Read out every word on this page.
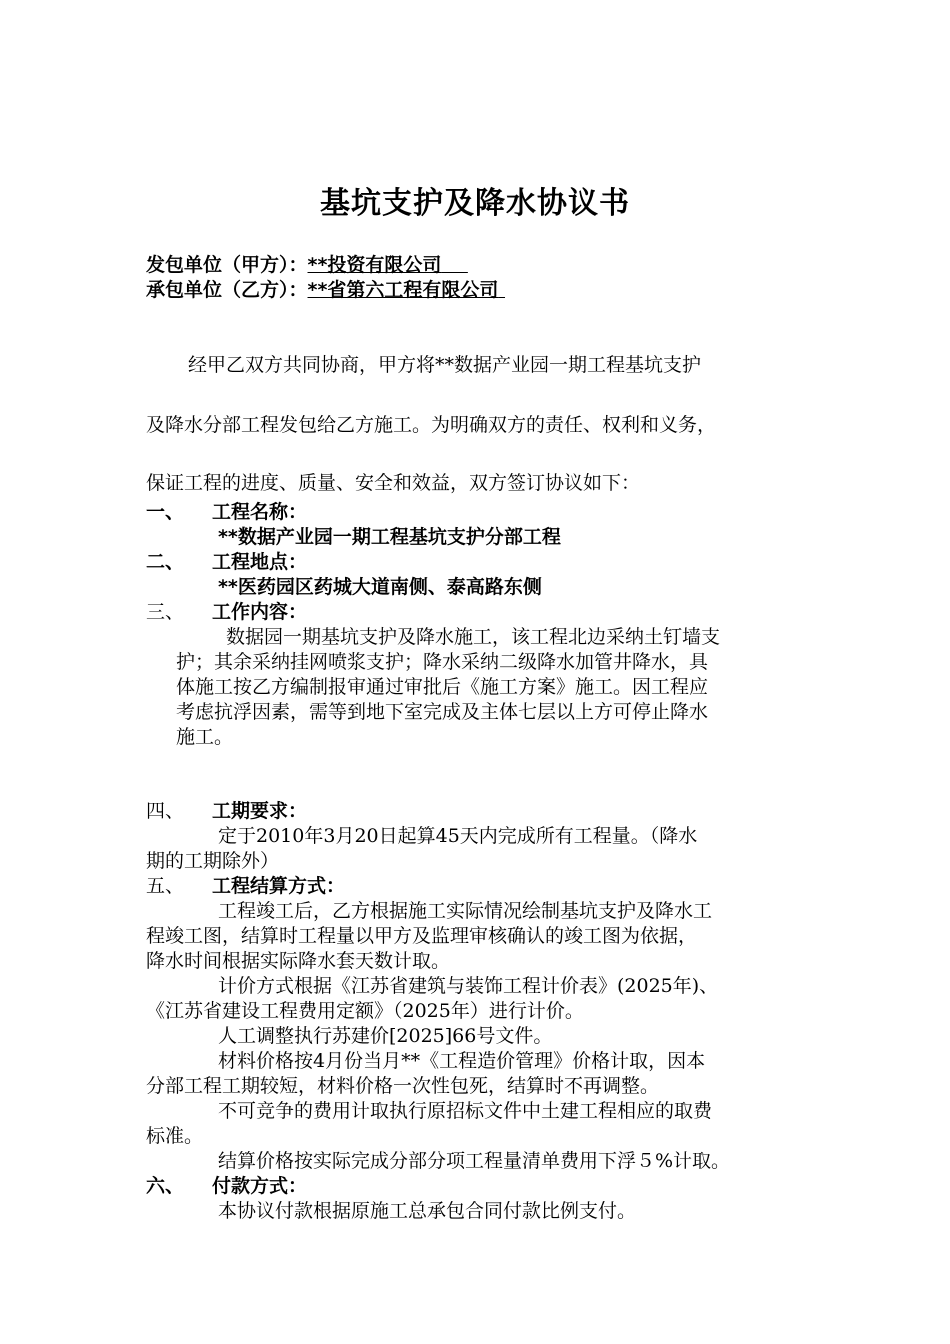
基坑支护及降水协议书
发包单位（甲方）：**投资有限公司
承包单位（乙方）：**省第六工程有限公司
经甲乙双方共同协商，甲方将**数据产业园一期工程基坑支护
及降水分部工程发包给乙方施工。为明确双方的责任、权利和义务，
保证工程的进度、质量、安全和效益，双方签订协议如下：
一、 工程名称：
**数据产业园一期工程基坑支护分部工程
二、 工程地点：
**医药园区药城大道南侧、泰高路东侧
三、 工作内容：
数据园一期基坑支护及降水施工，该工程北边采纳土钉墙支
护；其余采纳挂网喷浆支护；降水采纳二级降水加管井降水，具
体施工按乙方编制报审通过审批后《施工方案》施工。因工程应
考虑抗浮因素，需等到地下室完成及主体七层以上方可停止降水
施工。
四、 工期要求：
定于2010年3月20日起算45天内完成所有工程量。（降水
期的工期除外）
五、 工程结算方式：
工程竣工后，乙方根据施工实际情况绘制基坑支护及降水工
程竣工图，结算时工程量以甲方及监理审核确认的竣工图为依据，
降水时间根据实际降水套天数计取。
计价方式根据《江苏省建筑与装饰工程计价表》(2025年)、
《江苏省建设工程费用定额》（2025年）进行计价。
人工调整执行苏建价[2025]66号文件。
材料价格按4月份当月**《工程造价管理》价格计取，因本
分部工程工期较短，材料价格一次性包死，结算时不再调整。
不可竞争的费用计取执行原招标文件中土建工程相应的取费
标准。
结算价格按实际完成分部分项工程量清单费用下浮５%计取。
六、 付款方式：
本协议付款根据原施工总承包合同付款比例支付。
